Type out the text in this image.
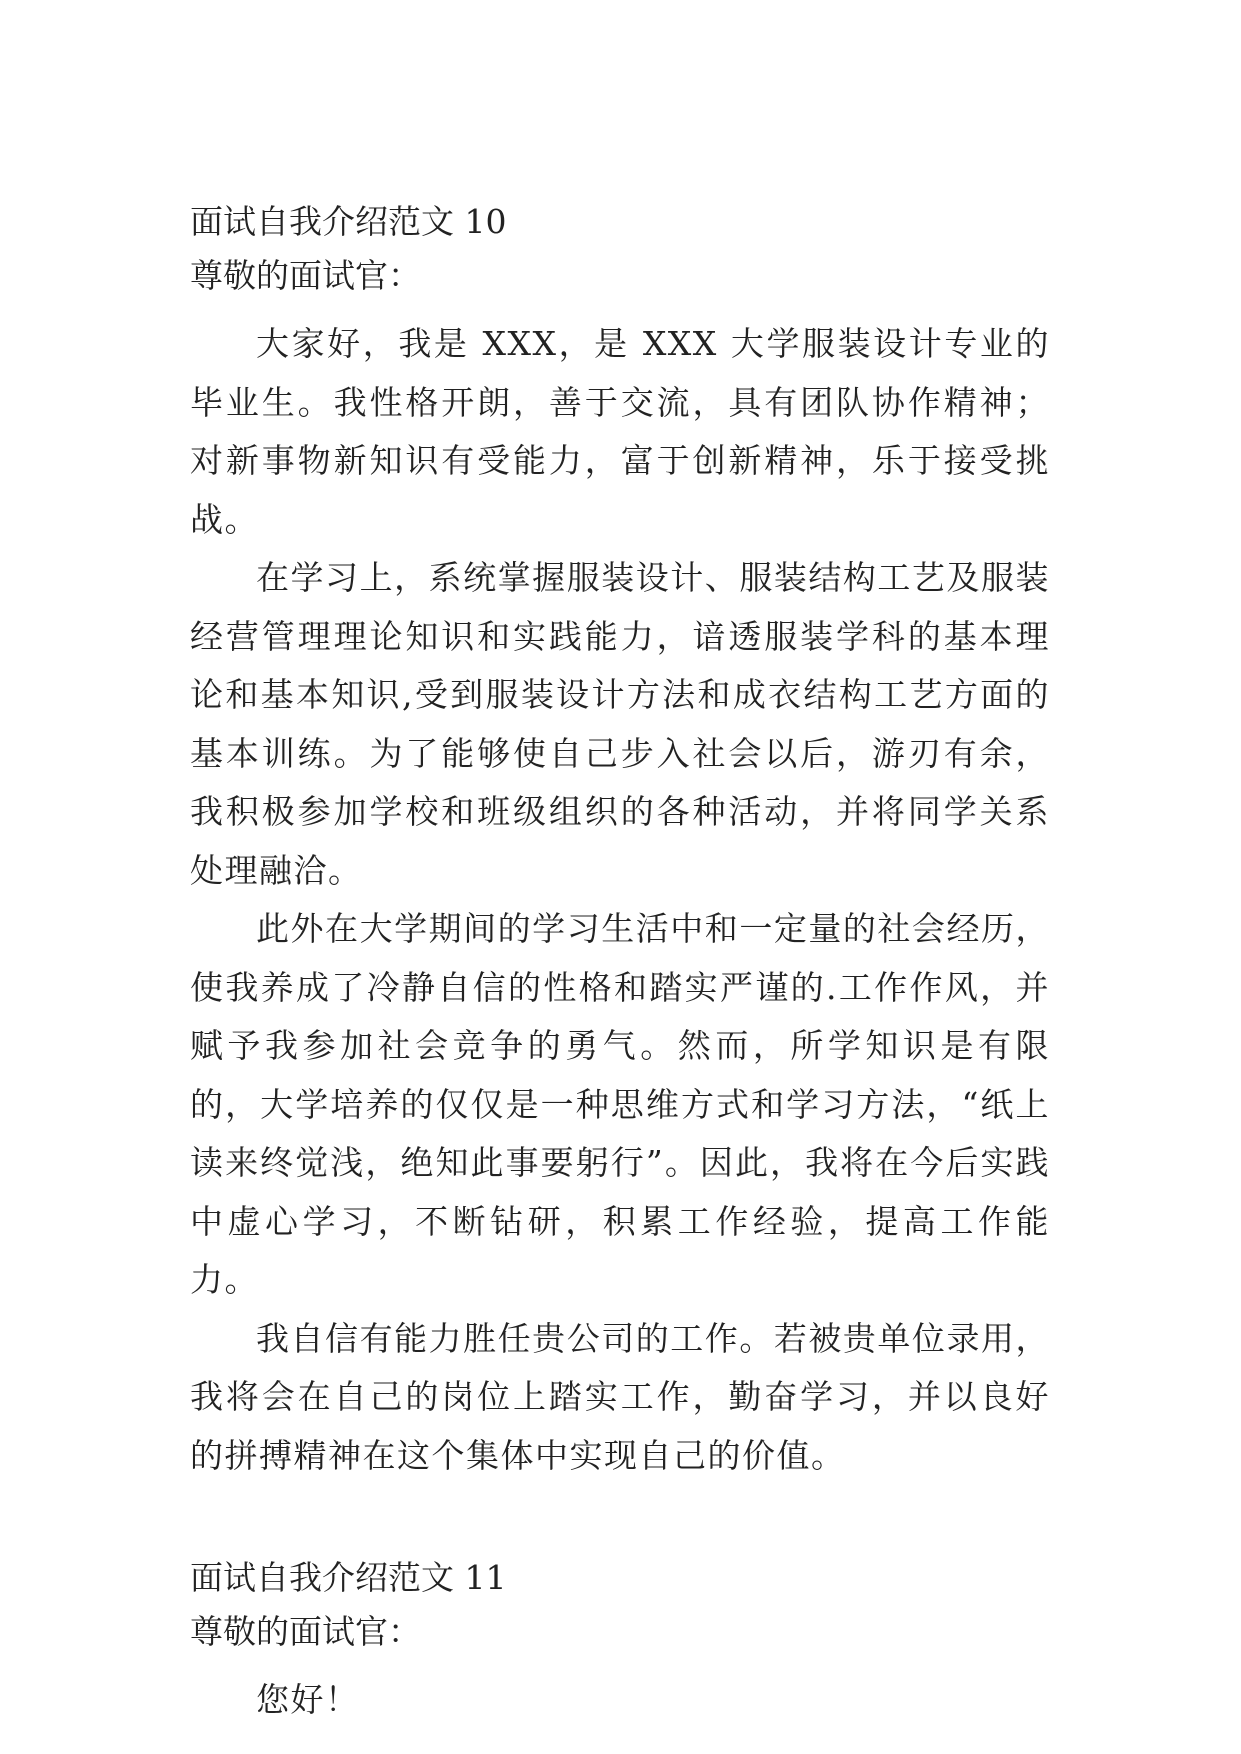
面试自我介绍范文 10
尊敬的面试官：

大家好，我是 XXX，是 XXX 大学服装设计专业的毕业生。我性格开朗，善于交流，具有团队协作精神；对新事物新知识有受能力，富于创新精神，乐于接受挑战。

在学习上，系统掌握服装设计、服装结构工艺及服装经营管理理论知识和实践能力，谙透服装学科的基本理论和基本知识,受到服装设计方法和成衣结构工艺方面的基本训练。为了能够使自己步入社会以后，游刃有余，我积极参加学校和班级组织的各种活动，并将同学关系处理融洽。

此外在大学期间的学习生活中和一定量的社会经历，使我养成了冷静自信的性格和踏实严谨的.工作作风，并赋予我参加社会竞争的勇气。然而，所学知识是有限的，大学培养的仅仅是一种思维方式和学习方法，“纸上读来终觉浅，绝知此事要躬行”。因此，我将在今后实践中虚心学习，不断钻研，积累工作经验，提高工作能力。

我自信有能力胜任贵公司的工作。若被贵单位录用，我将会在自己的岗位上踏实工作，勤奋学习，并以良好的拼搏精神在这个集体中实现自己的价值。

面试自我介绍范文 11
尊敬的面试官：

您好！
